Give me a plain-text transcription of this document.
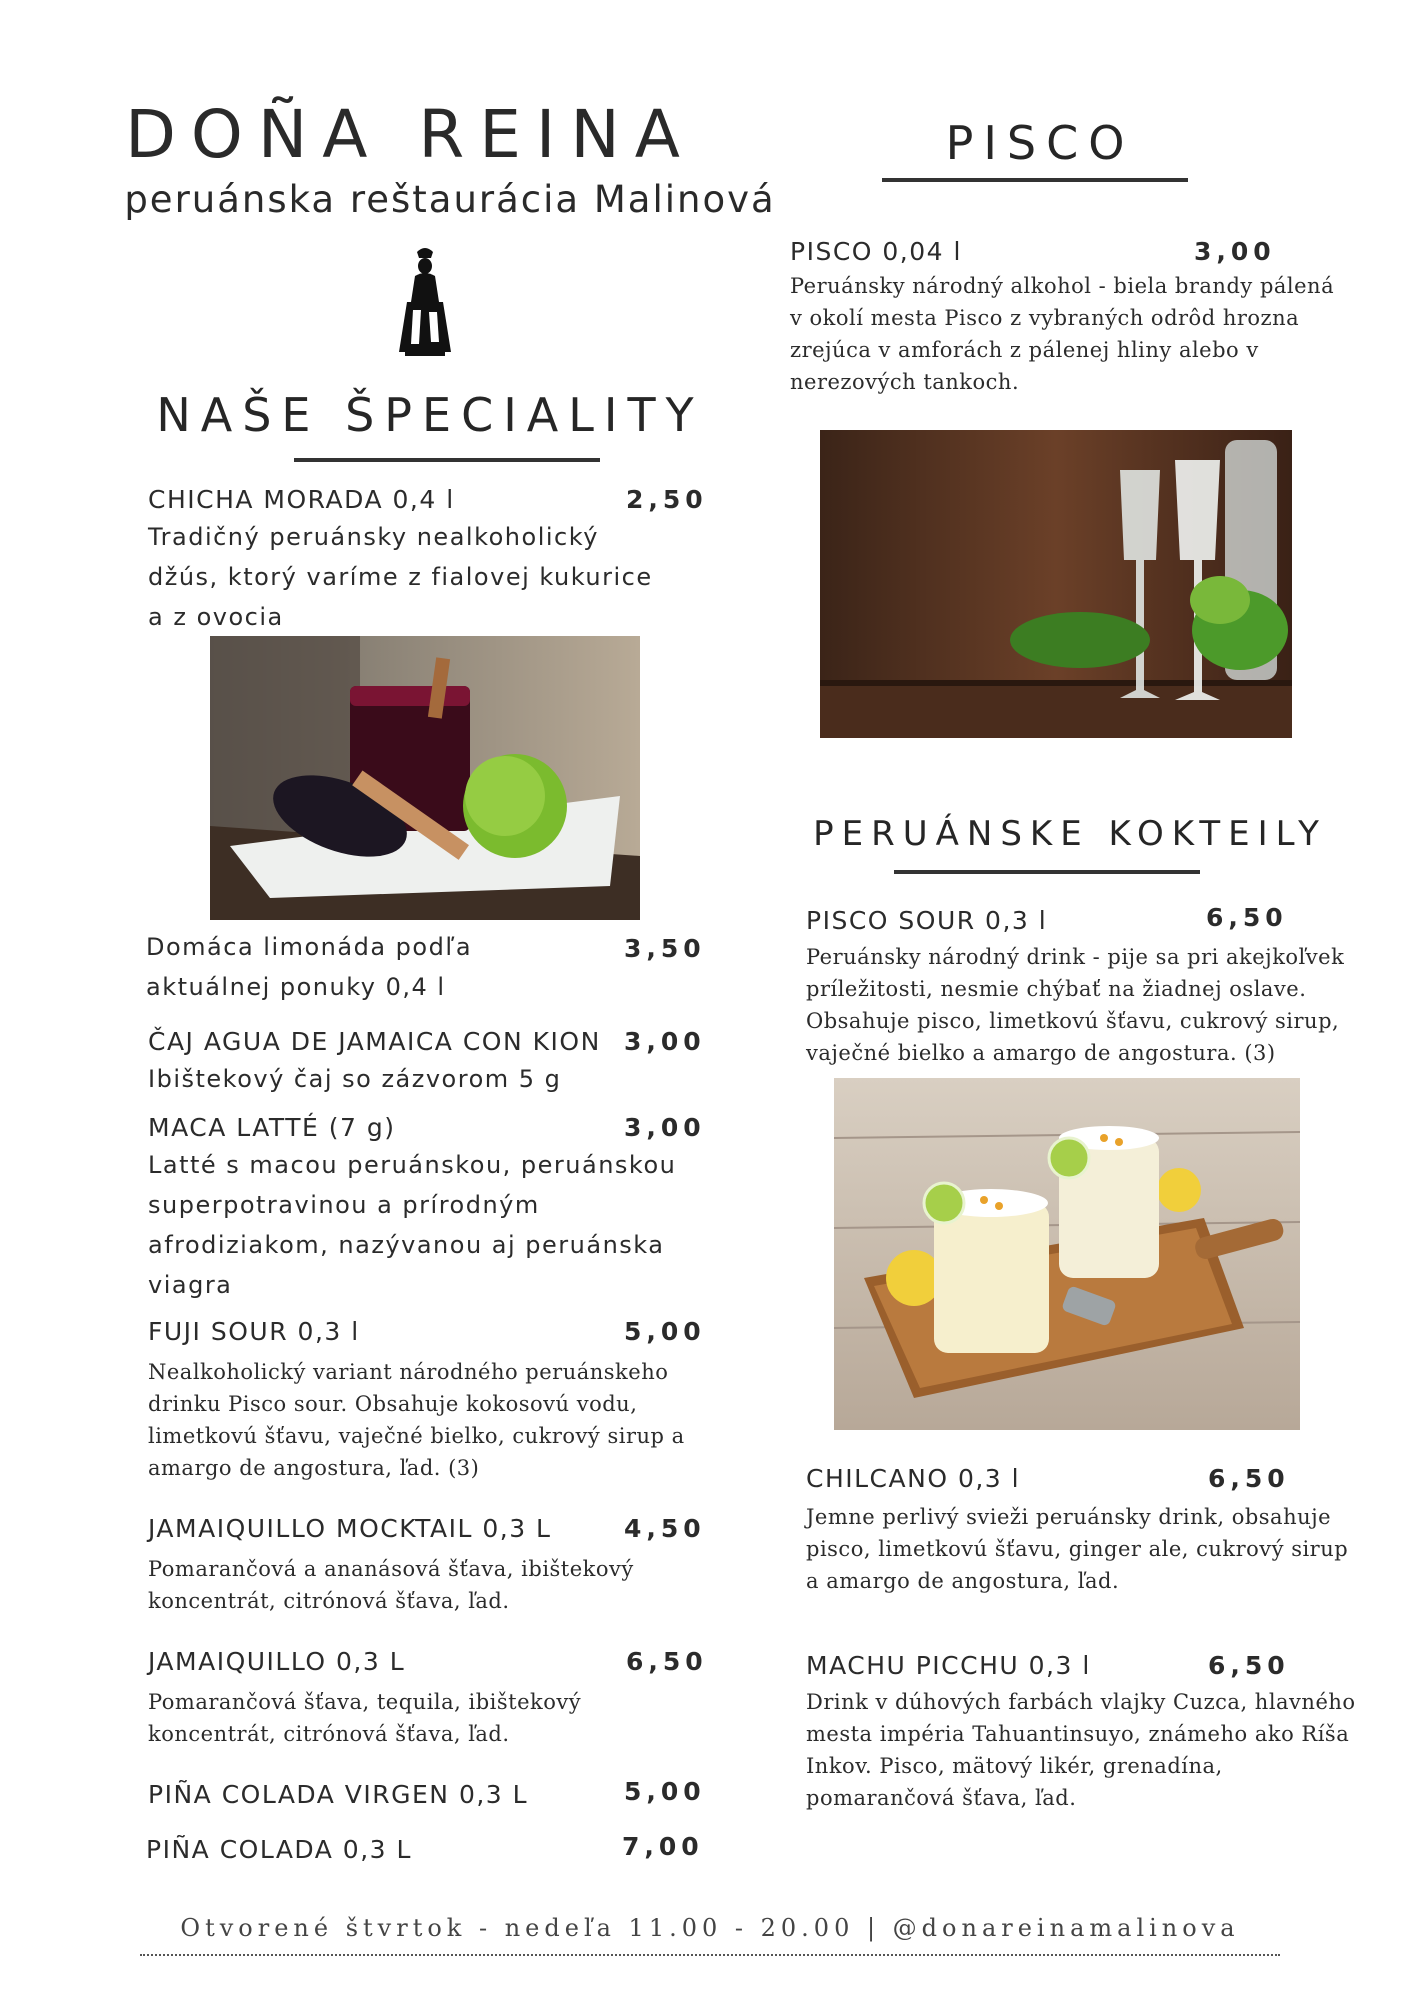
DOÑA REINA
peruánska reštaurácia Malinová
NAŠE ŠPECIALITY
CHICHA MORADA 0,4 l	2,50
Tradičný peruánsky nealkoholický džús, ktorý varíme z fialovej kukurice a z ovocia
Domáca limonáda podľa aktuálnej ponuky 0,4 l
3,50
ČAJ AGUA DE JAMAICA CON KION 3,00
Ibištekový čaj so zázvorom 5 g
MACA LATTÉ (7 g)	3,00
Latté s macou peruánskou, peruánskou superpotravinou a prírodným afrodiziakom, nazývanou aj peruánska viagra
FUJI SOUR 0,3 l	5,00
Nealkoholický variant národného peruánskeho drinku Pisco sour. Obsahuje kokosovú vodu, limetkovú šťavu, vaječné bielko, cukrový sirup a amargo de angostura, ľad. (3)
JAMAIQUILLO MOCKTAIL 0,3 L	4,50
Pomarančová a ananásová šťava, ibištekový koncentrát, citrónová šťava, ľad.
JAMAIQUILLO 0,3 L	6,50
Pomarančová šťava, tequila, ibištekový koncentrát, citrónová šťava, ľad.
PIÑA COLADA VIRGEN 0,3 L	5,00
PIÑA COLADA 0,3 L	7,00
PISCO
PISCO 0,04 l	3,00
Peruánsky národný alkohol - biela brandy pálená v okolí mesta Pisco z vybraných odrôd hrozna zrejúca v amforách z pálenej hliny alebo v nerezových tankoch.
PERUÁNSKE KOKTEILY
PISCO SOUR 0,3 l	6,50
Peruánsky národný drink - pije sa pri akejkoľvek príležitosti, nesmie chýbať na žiadnej oslave. Obsahuje pisco, limetkovú šťavu, cukrový sirup, vaječné bielko a amargo de angostura. (3)
CHILCANO 0,3 l	6,50
Jemne perlivý svieži peruánsky drink, obsahuje pisco, limetkovú šťavu, ginger ale, cukrový sirup a amargo de angostura, ľad.
MACHU PICCHU 0,3 l	6,50
Drink v dúhových farbách vlajky Cuzca, hlavného mesta impéria Tahuantinsuyo, známeho ako Ríša Inkov. Pisco, mätový likér, grenadína, pomarančová šťava, ľad.
Otvorené štvrtok - nedeľa 11.00 - 20.00 | @donareinamalinova
